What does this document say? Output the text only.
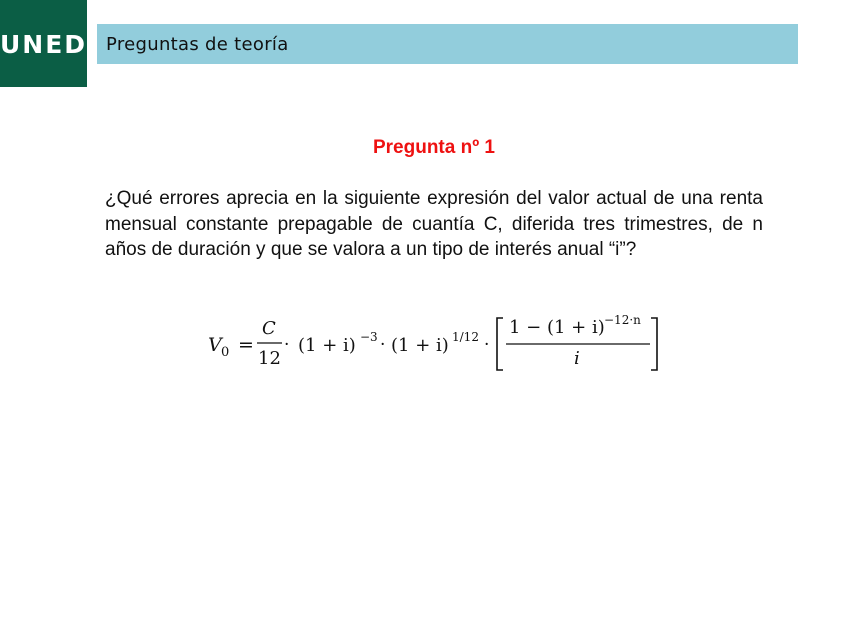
UNED	Preguntas de teoría
Pregunta nº 1
¿Qué errores aprecia en la siguiente expresión del valor actual de una renta mensual constante prepagable de cuantía C, diferida tres trimestres, de n años de duración y que se valora a un tipo de interés anual “i”?
V 0 =
C
12
· (1 + i) −3 · (1 + i) 1/12 ·
1 − (1 + i) −12·n
i
